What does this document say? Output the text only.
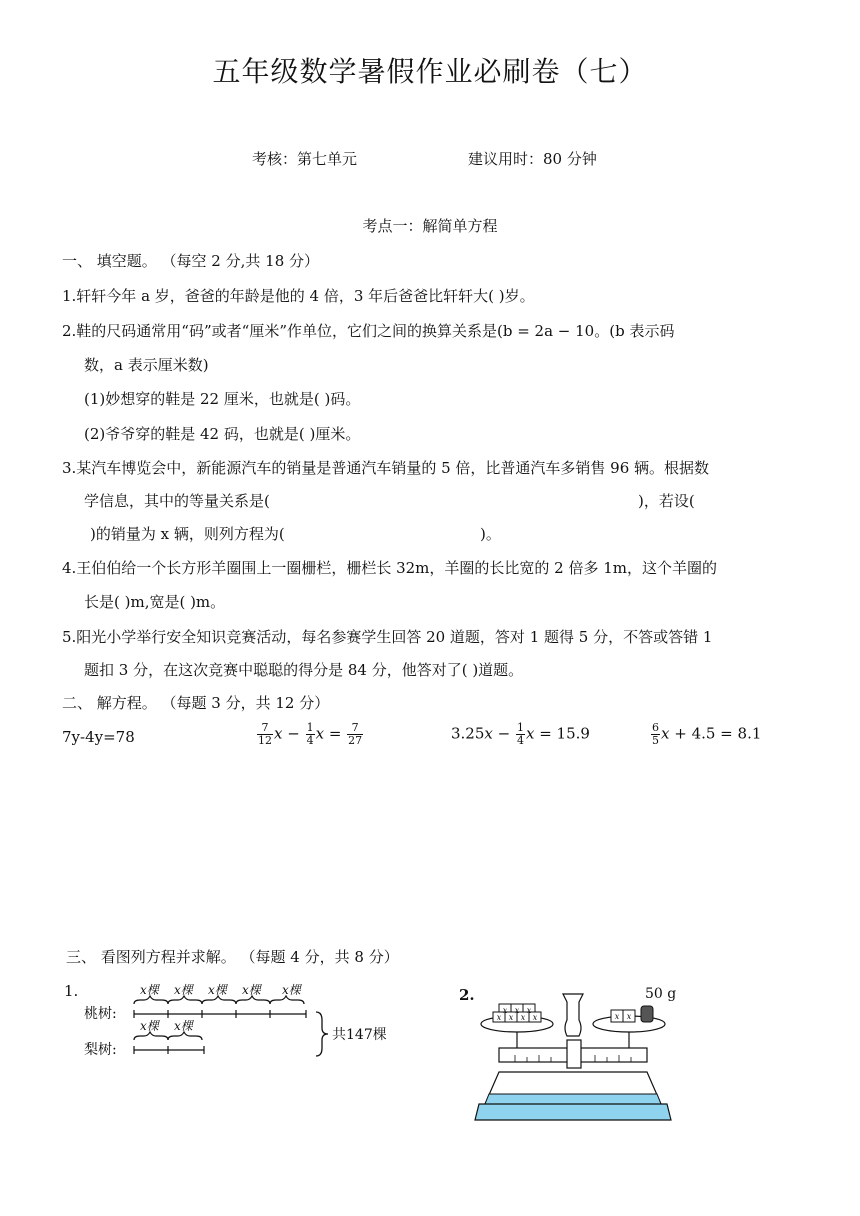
五年级数学暑假作业必刷卷（七）
考核：第七单元	建议用时：80 分钟
考点一：解简单方程
一、 填空题。 （每空 2 分,共 18 分）
1.轩轩今年 a 岁，爸爸的年龄是他的 4 倍，3 年后爸爸比轩轩大( )岁。
2.鞋的尺码通常用“码”或者“厘米”作单位，它们之间的换算关系是(b = 2a − 10。(b 表示码
数，a 表示厘米数)
(1)妙想穿的鞋是 22 厘米，也就是( )码。
(2)爷爷穿的鞋是 42 码，也就是( )厘米。
3.某汽车博览会中，新能源汽车的销量是普通汽车销量的 5 倍，比普通汽车多销售 96 辆。根据数
学信息，其中的等量关系是(	)，若设(
)的销量为 x 辆，则列方程为(	)。
4.王伯伯给一个长方形羊圈围上一圈栅栏，栅栏长 32m，羊圈的长比宽的 2 倍多 1m，这个羊圈的
长是( )m,宽是( )m。
5.阳光小学举行安全知识竞赛活动，每名参赛学生回答 20 道题，答对 1 题得 5 分，不答或答错 1
题扣 3 分，在这次竞赛中聪聪的得分是 84 分，他答对了( )道题。
二、 解方程。 （每题 3 分，共 12 分）
7y-4y=78	$\frac{7}{12}$ 𝑥 − $\frac{1}{4}$ 𝑥 = $\frac{7}{27}$	3.25𝑥 − $\frac{1}{4}$ 𝑥 = 15.9	$\frac{6}{5}$ 𝑥 + 4.5 = 8.1
三、 看图列方程并求解。 （每题 4 分，共 8 分）
1.
桃树:
梨树:
x棵 x棵 x棵 x棵 x棵
x棵 x棵
共147棵
2.	50 g
x x x
x x x x	x x
